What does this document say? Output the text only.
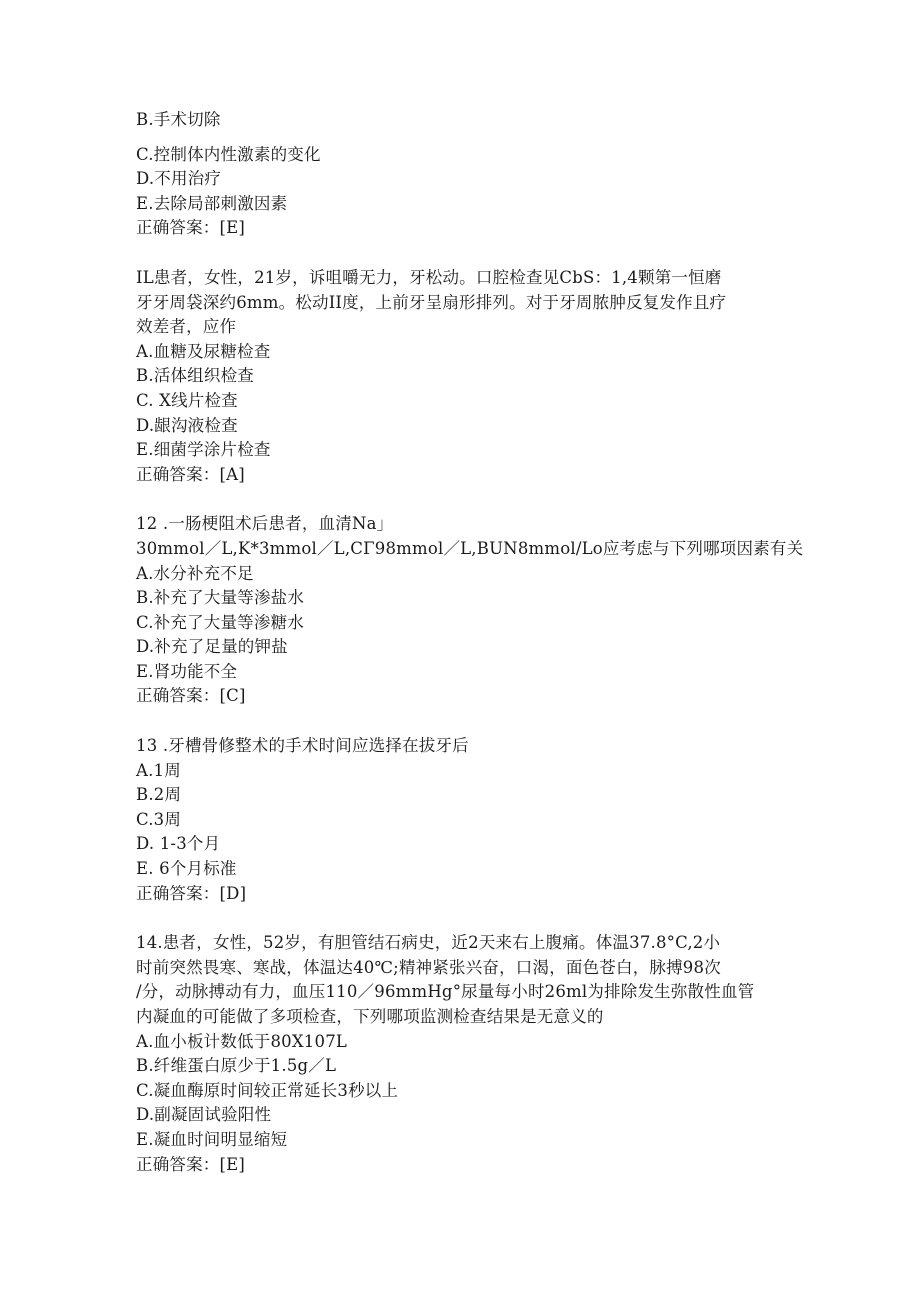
B.手术切除
C.控制体内性激素的变化
D.不用治疗
E.去除局部刺激因素
正确答案：[E]
IL患者，女性，21岁，诉咀嚼无力，牙松动。口腔检查见CbS：1,4颗第一恒磨
牙牙周袋深约6mm。松动II度，上前牙呈扇形排列。对于牙周脓肿反复发作且疗
效差者，应作
A.血糖及尿糖检查
B.活体组织检查
C. X线片检查
D.龈沟液检查
E.细菌学涂片检查
正确答案：[A]
12 .一肠梗阻术后患者，血清Na」
30mmol／L,K*3mmol／L,CΓ98mmol／L,BUN8mmol/Lo应考虑与下列哪项因素有关
A.水分补充不足
B.补充了大量等渗盐水
C.补充了大量等渗糖水
D.补充了足量的钾盐
E.肾功能不全
正确答案：[C]
13 .牙槽骨修整术的手术时间应选择在拔牙后
A.1周
B.2周
C.3周
D. 1-3个月
E. 6个月标准
正确答案：[D]
14.患者，女性，52岁，有胆管结石病史，近2天来右上腹痛。体温37.8°C,2小
时前突然畏寒、寒战，体温达40℃;精神紧张兴奋，口渴，面色苍白，脉搏98次
/分，动脉搏动有力，血压110／96mmHg°尿量每小时26ml为排除发生弥散性血管
内凝血的可能做了多项检查，下列哪项监测检查结果是无意义的
A.血小板计数低于80X107L
B.纤维蛋白原少于1.5g／L
C.凝血酶原时间较正常延长3秒以上
D.副凝固试验阳性
E.凝血时间明显缩短
正确答案：[E]
